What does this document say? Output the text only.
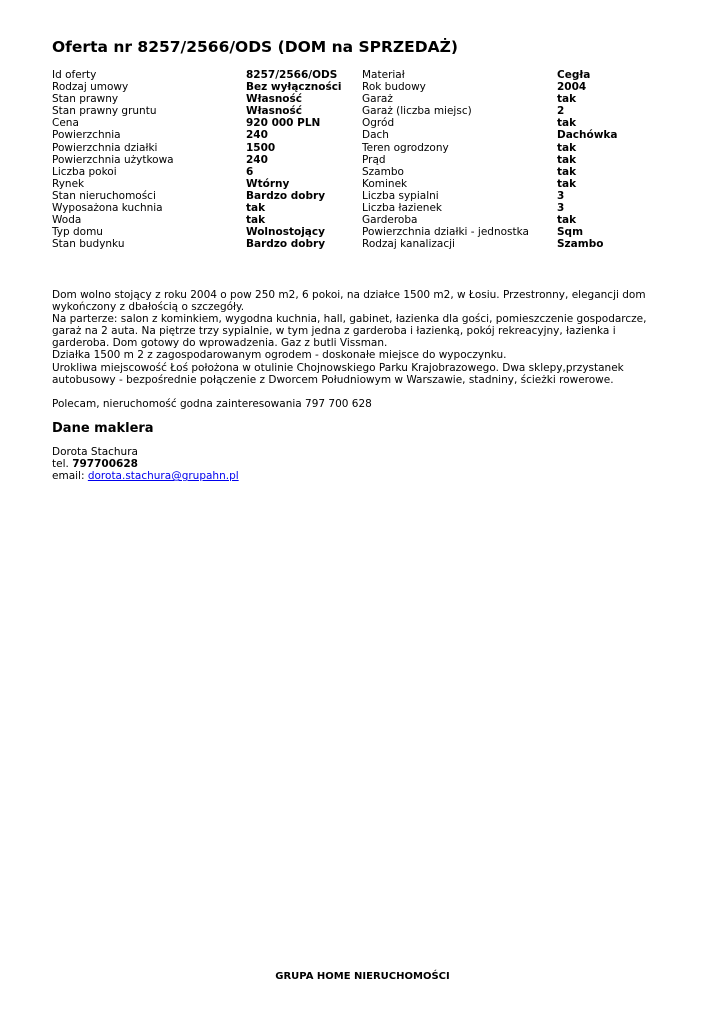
Oferta nr 8257/2566/ODS (DOM na SPRZEDAŻ)
Id oferty	8257/2566/ODS	Materiał	Cegła
Rodzaj umowy	Bez wyłączności	Rok budowy	2004
Stan prawny	Własność	Garaż	tak
Stan prawny gruntu	Własność	Garaż (liczba miejsc)	2
Cena	920 000 PLN	Ogród	tak
Powierzchnia	240	Dach	Dachówka
Powierzchnia działki	1500	Teren ogrodzony	tak
Powierzchnia użytkowa	240	Prąd	tak
Liczba pokoi	6	Szambo	tak
Rynek	Wtórny	Kominek	tak
Stan nieruchomości	Bardzo dobry	Liczba sypialni	3
Wyposażona kuchnia	tak	Liczba łazienek	3
Woda	tak	Garderoba	tak
Typ domu	Wolnostojący	Powierzchnia działki - jednostka	Sqm
Stan budynku	Bardzo dobry	Rodzaj kanalizacji	Szambo

Dom wolno stojący z roku 2004 o pow 250 m2, 6 pokoi, na działce 1500 m2, w Łosiu. Przestronny, elegancji dom wykończony z dbałością o szczegóły.

Na parterze: salon z kominkiem, wygodna kuchnia, hall, gabinet, łazienka dla gości, pomieszczenie gospodarcze, garaż na 2 auta. Na piętrze trzy sypialnie, w tym jedna z garderoba i łazienką, pokój rekreacyjny, łazienka i garderoba. Dom gotowy do wprowadzenia. Gaz z butli Vissman.

Działka 1500 m 2 z zagospodarowanym ogrodem - doskonałe miejsce do wypoczynku.

Urokliwa miejscowość Łoś położona w otulinie Chojnowskiego Parku Krajobrazowego. Dwa sklepy,przystanek autobusowy - bezpośrednie połączenie z Dworcem Południowym w Warszawie, stadniny, ścieżki rowerowe.

Polecam, nieruchomość godna zainteresowania 797 700 628

Dane maklera
Dorota Stachura
tel. 797700628
email: dorota.stachura@grupahn.pl
GRUPA HOME NIERUCHOMOŚCI
